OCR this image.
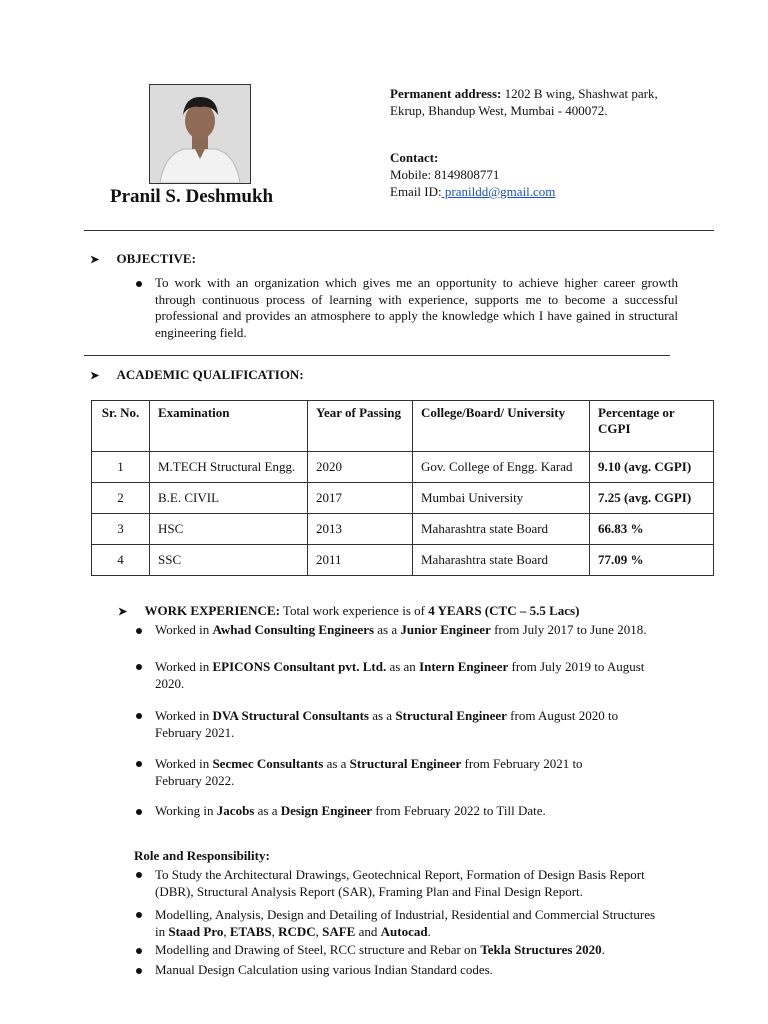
Pranil S. Deshmukh
Permanent address: 1202 B wing, Shashwat park, Ekrup, Bhandup West, Mumbai - 400072.
Contact:
Mobile: 8149808771
Email ID: pranildd@gmail.com
➤ OBJECTIVE:
To work with an organization which gives me an opportunity to achieve higher career growth through continuous process of learning with experience, supports me to become a successful professional and provides an atmosphere to apply the knowledge which I have gained in structural engineering field.
➤ ACADEMIC QUALIFICATION:
Sr. No.	Examination	Year of Passing	College/Board/ University	Percentage or CGPI
1	M.TECH Structural Engg.	2020	Gov. College of Engg. Karad	9.10 (avg. CGPI)
2	B.E. CIVIL	2017	Mumbai University	7.25 (avg. CGPI)
3	HSC	2013	Maharashtra state Board	66.83 %
4	SSC	2011	Maharashtra state Board	77.09 %
➤ WORK EXPERIENCE: Total work experience is of 4 YEARS (CTC – 5.5 Lacs)
Worked in Awhad Consulting Engineers as a Junior Engineer from July 2017 to June 2018.
Worked in EPICONS Consultant pvt. Ltd. as an Intern Engineer from July 2019 to August
2020.
Worked in DVA Structural Consultants as a Structural Engineer from August 2020 to
February 2021.
Worked in Secmec Consultants as a Structural Engineer from February 2021 to
February 2022.
Working in Jacobs as a Design Engineer from February 2022 to Till Date.
Role and Responsibility:
To Study the Architectural Drawings, Geotechnical Report, Formation of Design Basis Report
(DBR), Structural Analysis Report (SAR), Framing Plan and Final Design Report.
Modelling, Analysis, Design and Detailing of Industrial, Residential and Commercial Structures
in Staad Pro, ETABS, RCDC, SAFE and Autocad.
Modelling and Drawing of Steel, RCC structure and Rebar on Tekla Structures 2020.
Manual Design Calculation using various Indian Standard codes.
